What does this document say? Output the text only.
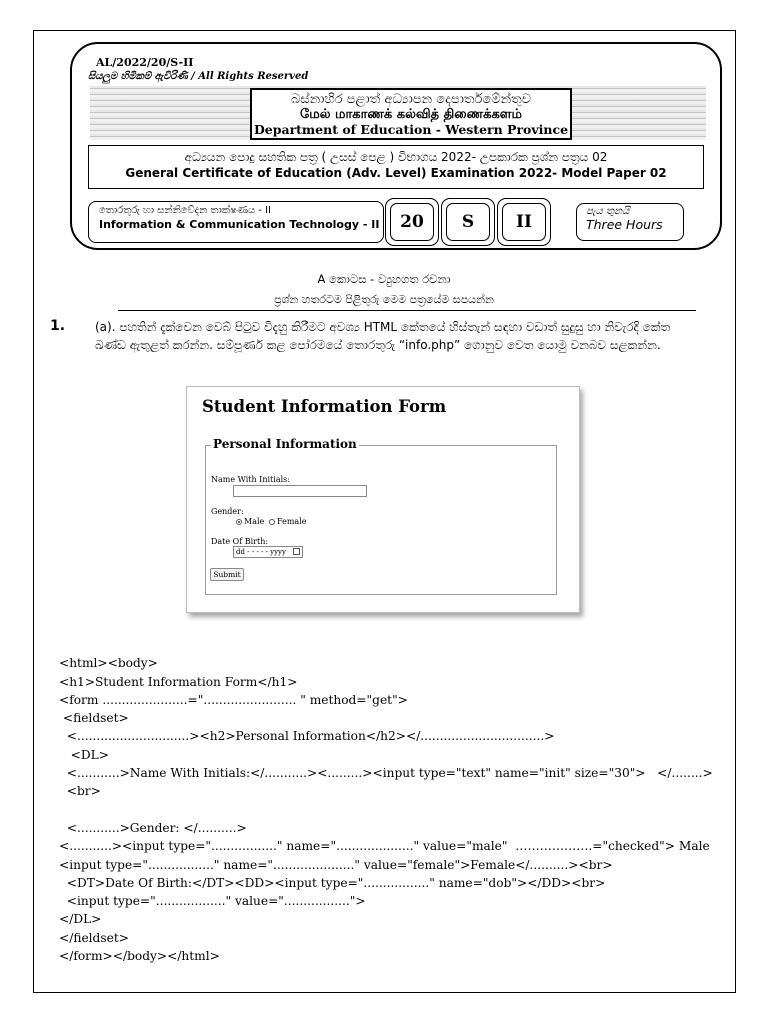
AL/2022/20/S-II
සියලුම හිමිකම් ඇවිරිණි / All Rights Reserved
බස්නාහිර පළාත් අධ්‍යාපන දෙපාර්තමේන්තුව
மேல் மாகாணக் கல்வித் திணைக்களம்
Department of Education - Western Province
අධ්‍යයන පොදු සහතික පත්‍ර ( උසස් පෙළ ) විභාගය 2022- උපකාරක ප්‍රශ්න පත්‍රය 02
General Certificate of Education (Adv. Level) Examination 2022- Model Paper 02
තොරතුරු හා සන්නිවේදන තාක්ෂණය - II
Information & Communication Technology - II	20	S	II
පැය තුනයි
Three Hours
A කොටස - ව්‍යුහගත රචනා
ප්‍රශ්න හතරටම පිළිතුරු මෙම පත්‍රයේම සපයන්න
1. (a). පහතින් දැක්වෙන වෙබ් පිටුව විදැහු කිරීමට අවශ්‍ය HTML කේතයේ හිස්තැන් සඳහා වඩාත් සුදුසු හා නිවැරදි කේත ඛණ්ඩ ඇතුළත් කරන්න. සම්පූර්ණ කළ පෝරමයේ තොරතුරු “info.php” ගොනුව වෙත යොමු වනබව සළකන්න.
Student Information Form
Personal Information
Name With Initials:
Gender:
Male Female
Date Of Birth:
dd - - - - - yyyy
Submit

<html><body>
<h1>Student Information Form</h1>
<form ......................="........................ " method="get">
<fieldset>
<.............................><h2>Personal Information</h2></................................>
<DL>
<...........>Name With Initials:</...........><.........><input type="text" name="init" size="30">   </........>
<br>

<...........>Gender: </..........>
<...........><input type="................." name="...................." value="male"  ……………….="checked"> Male
<input type="................." name="....................." value="female">Female</..........><br>
<DT>Date Of Birth:</DT><DD><input type="................." name="dob"></DD><br>
<input type=".................." value=".................">
</DL>
</fieldset>
</form></body></html>
